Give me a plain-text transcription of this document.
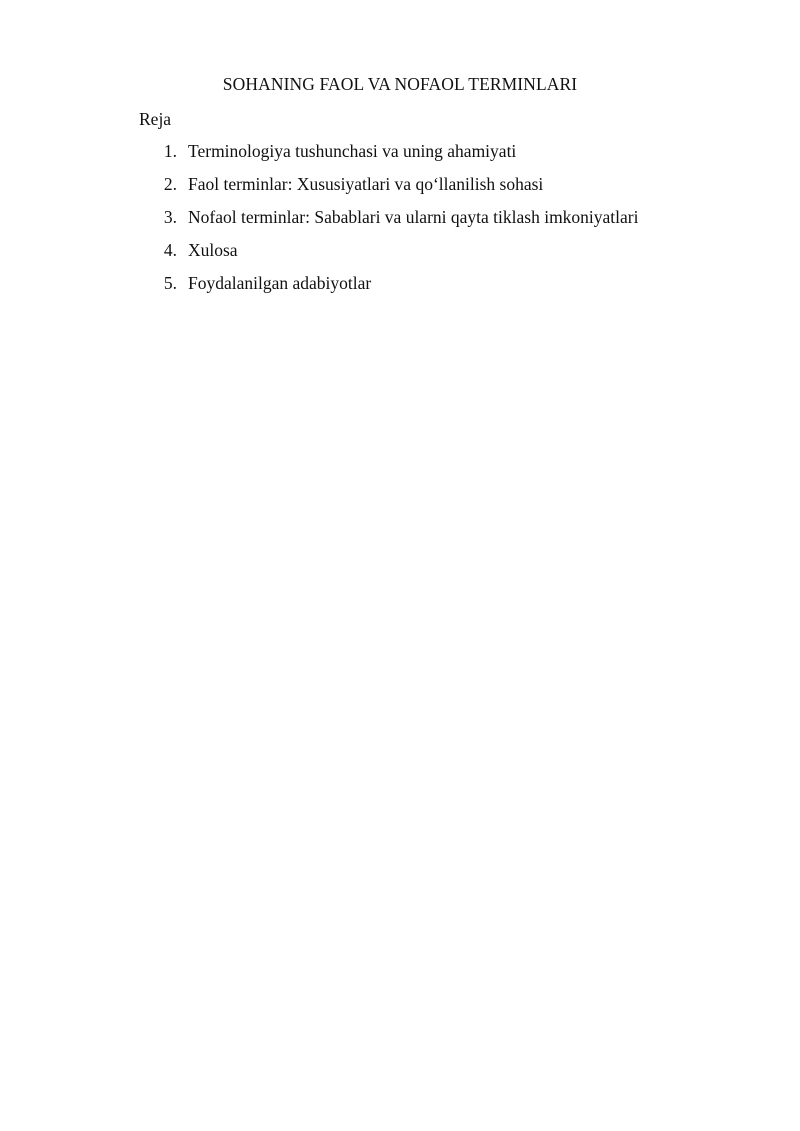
SOHANING FAOL VA NOFAOL TERMINLARI
Reja
1. Terminologiya tushunchasi va uning ahamiyati
2. Faol terminlar: Xususiyatlari va qo‘llanilish sohasi
3. Nofaol terminlar: Sabablari va ularni qayta tiklash imkoniyatlari
4. Xulosa
5. Foydalanilgan adabiyotlar
